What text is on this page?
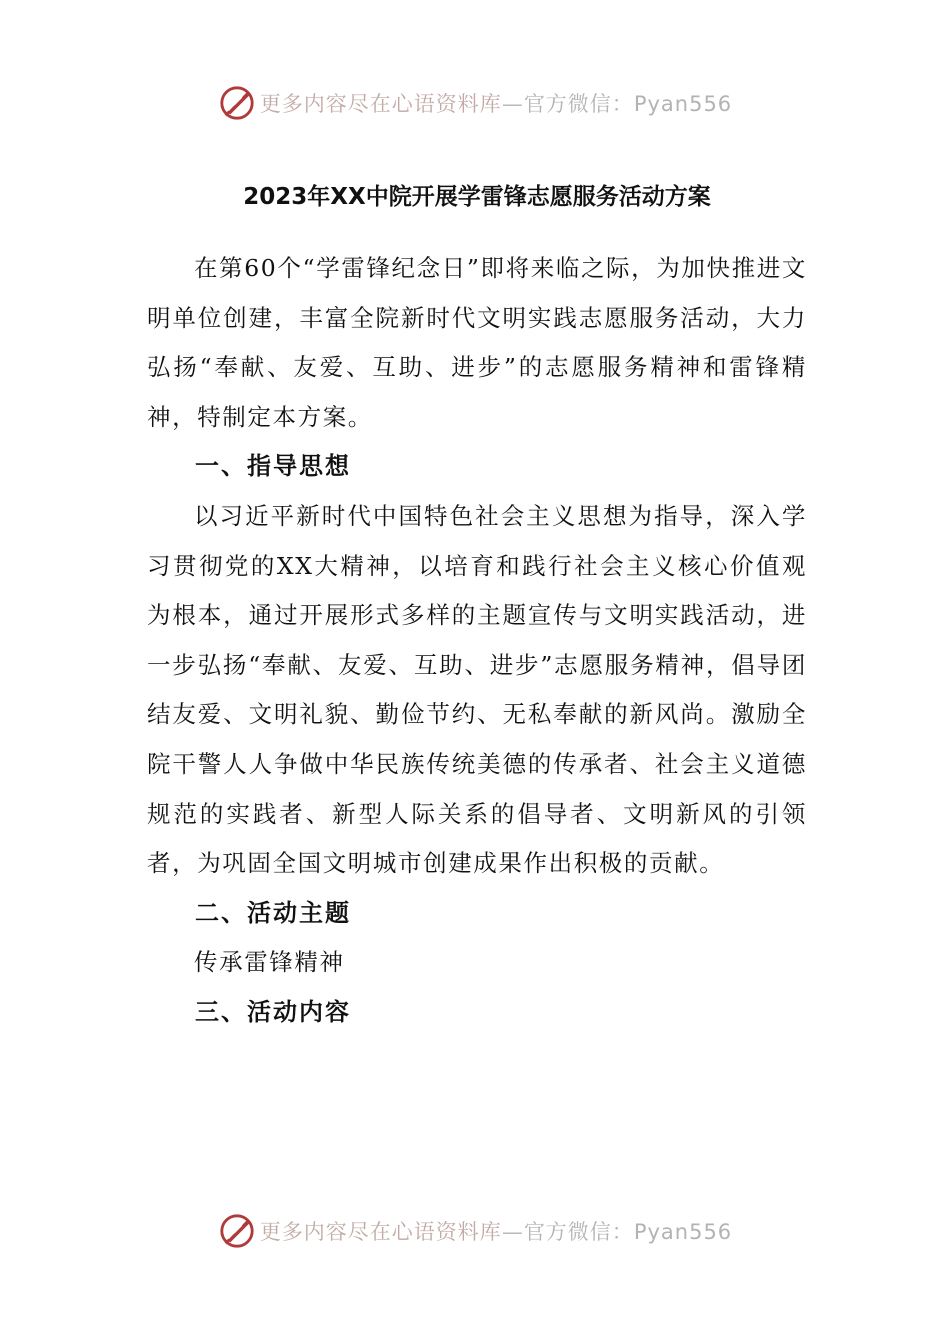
更多内容尽在心语资料库—官方微信：Pyan556
2023年XX中院开展学雷锋志愿服务活动方案

在第60个“学雷锋纪念日”即将来临之际，为加快推进文明单位创建，丰富全院新时代文明实践志愿服务活动，大力弘扬“奉献、友爱、互助、进步”的志愿服务精神和雷锋精神，特制定本方案。

一、指导思想

以习近平新时代中国特色社会主义思想为指导，深入学习贯彻党的XX大精神，以培育和践行社会主义核心价值观为根本，通过开展形式多样的主题宣传与文明实践活动，进一步弘扬“奉献、友爱、互助、进步”志愿服务精神，倡导团结友爱、文明礼貌、勤俭节约、无私奉献的新风尚。激励全院干警人人争做中华民族传统美德的传承者、社会主义道德规范的实践者、新型人际关系的倡导者、文明新风的引领者，为巩固全国文明城市创建成果作出积极的贡献。

二、活动主题

传承雷锋精神

三、活动内容
更多内容尽在心语资料库—官方微信：Pyan556
